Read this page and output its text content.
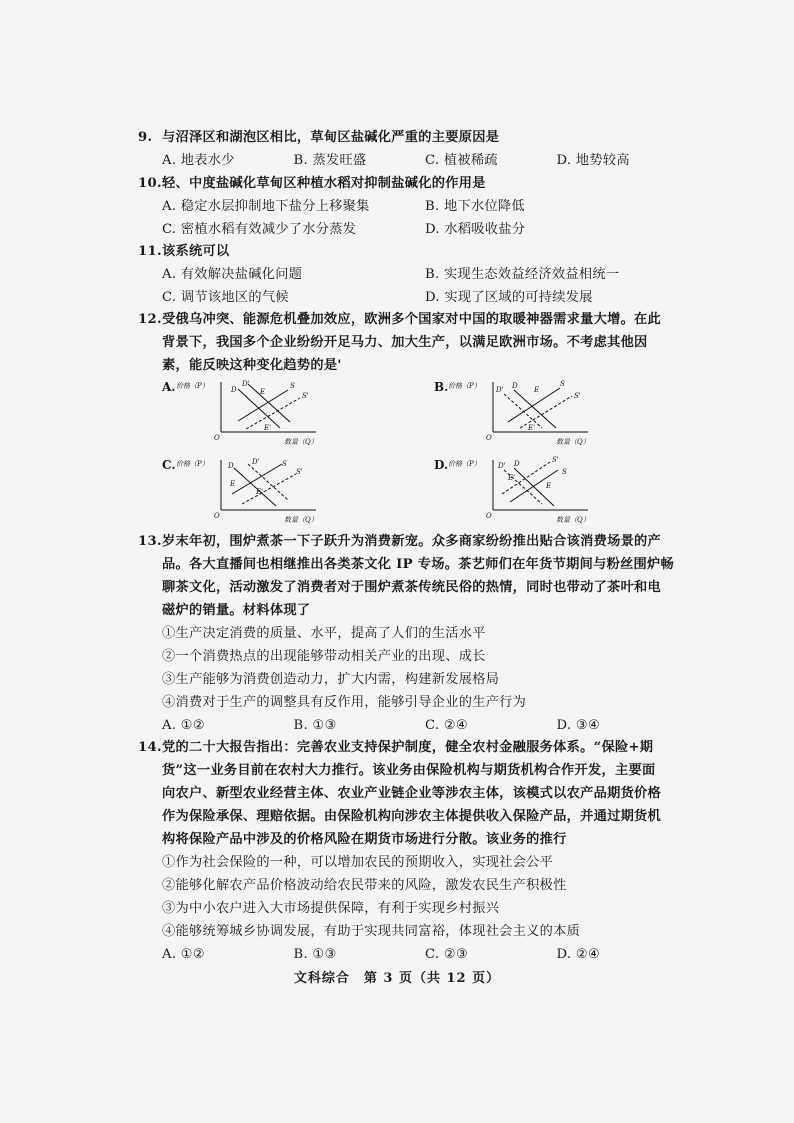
9. 与沼泽区和湖泡区相比，草甸区盐碱化严重的主要原因是
A. 地表水少	B. 蒸发旺盛	C. 植被稀疏	D. 地势较高
10.轻、中度盐碱化草甸区种植水稻对抑制盐碱化的作用是
A. 稳定水层抑制地下盐分上移聚集	B. 地下水位降低
C. 密植水稻有效减少了水分蒸发	D. 水稻吸收盐分
11.该系统可以
A. 有效解决盐碱化问题	B. 实现生态效益经济效益相统一
C. 调节该地区的气候	D. 实现了区域的可持续发展
12.受俄乌冲突、能源危机叠加效应，欧洲多个国家对中国的取暖神器需求量大增。在此
背景下，我国多个企业纷纷开足马力、加大生产，以满足欧洲市场。不考虑其他因
素，能反映这种变化趋势的是'
A. 价格（P）
O	数量（Q）
D
D'	S
S'
E
E'
B. 价格（P）
O	数量（Q）
D
D'
S
S'
E
E'
C. 价格（P）
O	数量（Q）
D	D'	S
S'
E
E'
D. 价格（P）
O	数量（Q）
D
D'
S
S'
E
E'
13.岁末年初，围炉煮茶一下子跃升为消费新宠。众多商家纷纷推出贴合该消费场景的产
品。各大直播间也相继推出各类茶文化 IP 专场。茶艺师们在年货节期间与粉丝围炉畅
聊茶文化，活动激发了消费者对于围炉煮茶传统民俗的热情，同时也带动了茶叶和电
磁炉的销量。材料体现了
①生产决定消费的质量、水平，提高了人们的生活水平
②一个消费热点的出现能够带动相关产业的出现、成长
③生产能够为消费创造动力，扩大内需，构建新发展格局
④消费对于生产的调整具有反作用，能够引导企业的生产行为
A. ①②	B. ①③	C. ②④	D. ③④
14.党的二十大报告指出：完善农业支持保护制度，健全农村金融服务体系。“保险+期
货”这一业务目前在农村大力推行。该业务由保险机构与期货机构合作开发，主要面
向农户、新型农业经营主体、农业产业链企业等涉农主体，该模式以农产品期货价格
作为保险承保、理赔依据。由保险机构向涉农主体提供收入保险产品，并通过期货机
构将保险产品中涉及的价格风险在期货市场进行分散。该业务的推行
①作为社会保险的一种，可以增加农民的预期收入，实现社会公平
②能够化解农产品价格波动给农民带来的风险，激发农民生产积极性
③为中小农户进入大市场提供保障，有利于实现乡村振兴
④能够统筹城乡协调发展，有助于实现共同富裕，体现社会主义的本质
A. ①②	B. ①③	C. ②③	D. ②④
文科综合　第 3 页（共 12 页）
